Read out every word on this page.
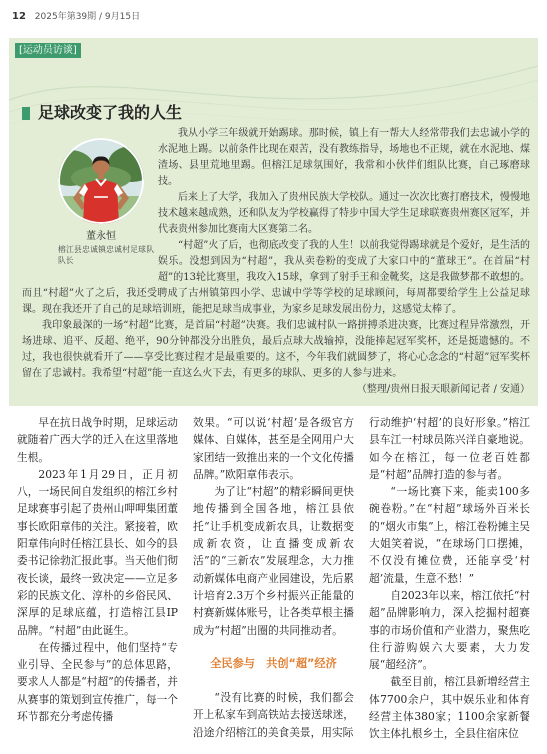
12 2025年第39期 / 9月15日
[运动员访谈]
足球改变了我的人生
董永恒
榕江县忠诚镇忠诚村足球队队长

我从小学三年级就开始踢球。那时候，镇上有一帮大人经常带我们去忠诚小学的水泥地上踢。以前条件比现在艰苦，没有教练指导，场地也不正规，就在水泥地、煤渣场、县里荒地里踢。但榕江足球氛围好，我常和小伙伴们组队比赛，自己琢磨球技。

后来上了大学，我加入了贵州民族大学校队。通过一次次比赛打磨技术，慢慢地技术越来越成熟，还和队友为学校赢得了特步中国大学生足球联赛贵州赛区冠军，并代表贵州参加比赛南大区赛第二名。

“村超”火了后，也彻底改变了我的人生！以前我觉得踢球就是个爱好，是生活的娱乐。没想到因为“村超”，我从卖卷粉的变成了大家口中的“董球王”。在首届“村超”的13轮比赛里，我攻入15球，拿到了射手王和金靴奖，这是我做梦都不敢想的。而且“村超”火了之后，我还受聘成了古州镇第四小学、忠诚中学等学校的足球顾问，每周都要给学生上公益足球课。现在我还开了自己的足球培训班，能把足球当成事业，为家乡足球发展出份力，这感觉太棒了。

我印象最深的一场“村超”比赛，是首届“村超”决赛。我们忠诚村队一路拼搏杀进决赛，比赛过程异常激烈，开场进球、追平、反超、绝平，90分钟都没分出胜负，最后点球大战输掉，没能捧起冠军奖杯，还是挺遗憾的。不过，我也很快就看开了——享受比赛过程才是最重要的。这不，今年我们就圆梦了，将心心念念的“村超”冠军奖杯留在了忠诚村。我希望“村超”能一直这么火下去，有更多的球队、更多的人参与进来。

（整理/贵州日报天眼新闻记者 / 安通）

早在抗日战争时期，足球运动就随着广西大学的迁入在这里落地生根。

2023年1月29日，正月初八，一场民间自发组织的榕江乡村足球赛事引起了贵州山呷呷集团董事长欧阳章伟的关注。紧接着，欧阳章伟向时任榕江县长、如今的县委书记徐勃汇报此事。当天他们彻夜长谈，最终一致决定——立足多彩的民族文化、淳朴的乡俗民风、深厚的足球底蕴，打造榕江县IP品牌。“村超”由此诞生。

在传播过程中，他们坚持“专业引导、全民参与”的总体思路，要求人人都是“村超”的传播者，并从赛事的策划到宣传推广，每一个环节都充分考虑传播

效果。“可以说‘村超’是各级官方媒体、自媒体，甚至是全网用户大家团结一致推出来的一个文化传播品牌。”欧阳章伟表示。

为了让“村超”的精彩瞬间更快地传播到全国各地，榕江县依托“让手机变成新农具，让数据变成新农资，让直播变成新农活”的“三新农”发展理念，大力推动新媒体电商产业园建设，先后累计培育2.3万个乡村振兴正能量的村赛新媒体账号，让各类草根主播成为“村超”出圈的共同推动者。

全民参与　共创“超”经济

“没有比赛的时候，我们都会开上私家车到高铁站去接送球迷，沿途介绍榕江的美食美景，用实际

行动维护‘村超’的良好形象。”榕江县车江一村球员陈兴洋自豪地说。如今在榕江，每一位老百姓都是“村超”品牌打造的参与者。

“一场比赛下来，能卖100多碗卷粉。”在“村超”球场外百米长的“烟火市集”上，榕江卷粉摊主吴大姐笑着说，“在球场门口摆摊，不仅没有摊位费，还能享受‘村超’流量，生意不愁！”

自2023年以来，榕江依托“村超”品牌影响力，深入挖掘村超赛事的市场价值和产业潜力，聚焦吃住行游购娱六大要素，大力发展“超经济”。

截至目前，榕江县新增经营主体7700余户，其中娱乐业和体育经营主体380家；1100余家新餐饮主体扎根乡土，全县住宿床位
